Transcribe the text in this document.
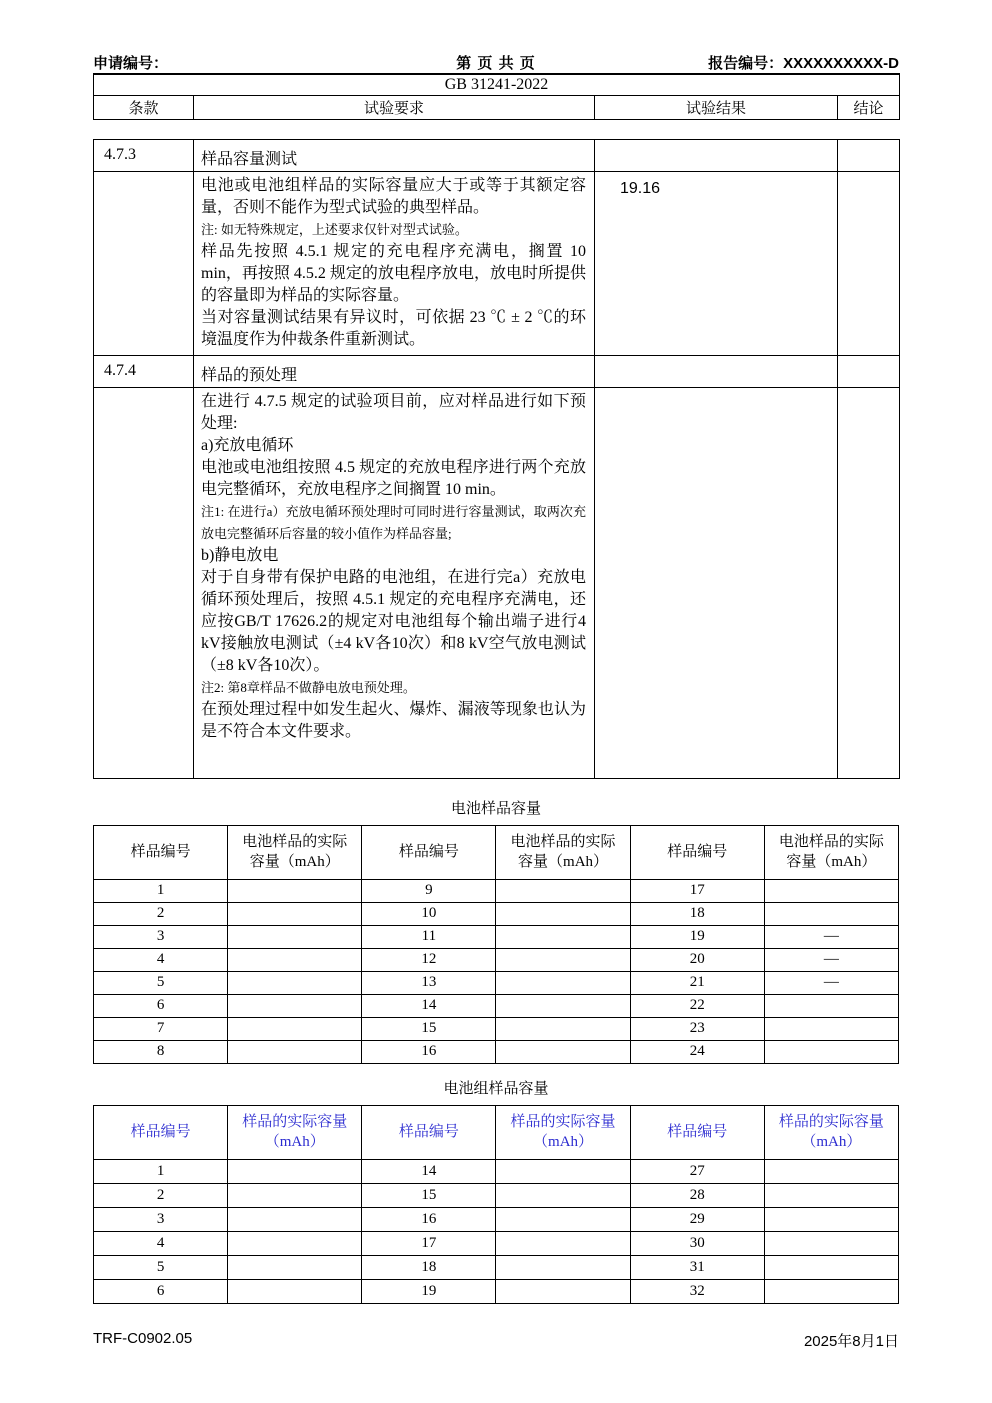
申请编号：	第 页 共 页	报告编号：XXXXXXXXXX-D
GB 31241-2022
条款	试验要求	试验结果	结论
4.7.3	样品容量测试		

	电池或电池组样品的实际容量应大于或等于其额定容量，否则不能作为型式试验的典型样品。
注: 如无特殊规定，上述要求仅针对型式试验。
样品先按照 4.5.1 规定的充电程序充满电，搁置 10 min，再按照 4.5.2 规定的放电程序放电，放电时所提供的容量即为样品的实际容量。
当对容量测试结果有异议时，可依据 23 ℃ ± 2 ℃的环境温度作为仲裁条件重新测试。	19.16	
4.7.4	样品的预处理		

在进行 4.7.5 规定的试验项目前，应对样品进行如下预处理:
a)充放电循环
电池或电池组按照 4.5 规定的充放电程序进行两个充放电完整循环，充放电程序之间搁置 10 min。
注1: 在进行a）充放电循环预处理时可同时进行容量测试，取两次充放电完整循环后容量的较小值作为样品容量;
b)静电放电
对于自身带有保护电路的电池组，在进行完a）充放电循环预处理后，按照 4.5.1 规定的充电程序充满电，还应按GB/T 17626.2的规定对电池组每个输出端子进行4 kV接触放电测试（±4 kV各10次）和8 kV空气放电测试（±8 kV各10次）。
注2: 第8章样品不做静电放电预处理。
在预处理过程中如发生起火、爆炸、漏液等现象也认为是不符合本文件要求。

电池样品容量
样品编号	电池样品的实际容量（mAh）	样品编号	电池样品的实际容量（mAh）	样品编号	电池样品的实际容量（mAh）
1		9		17	
2		10		18	
3		11		19	—
4		12		20	—
5		13		21	—
6		14		22	
7		15		23	
8		16		24	
电池组样品容量
样品编号	样品的实际容量（mAh）	样品编号	样品的实际容量（mAh）	样品编号	样品的实际容量（mAh）
1		14		27	
2		15		28	
3		16		29	
4		17		30	
5		18		31	
6		19		32	
TRF-C0902.05	2025年8月1日
